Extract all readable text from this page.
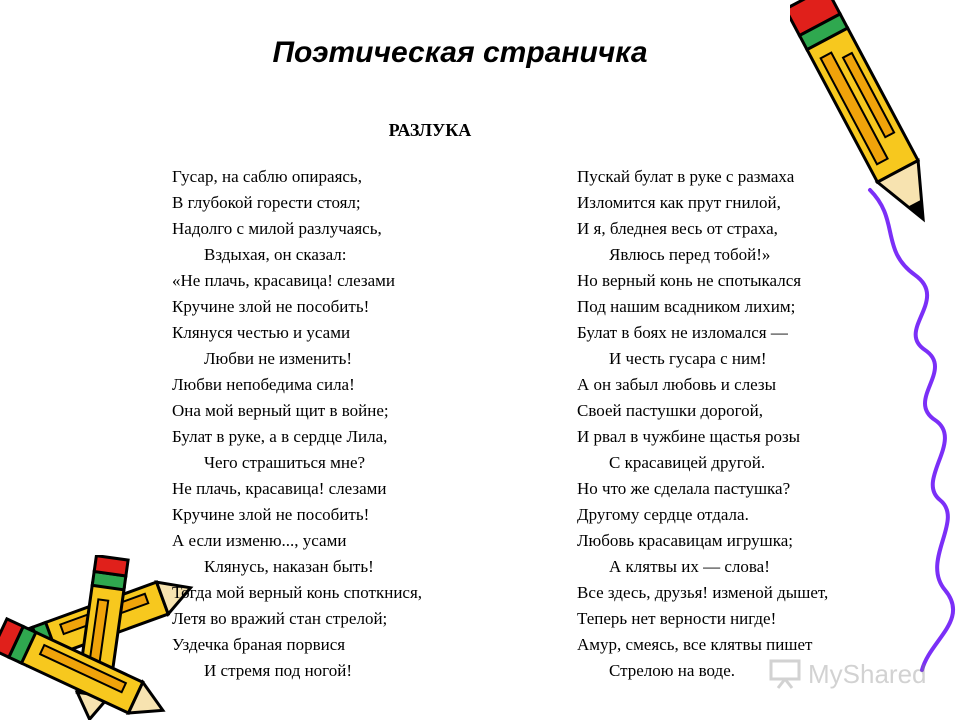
Поэтическая страничка
РАЗЛУКА
Гусар, на саблю опираясь,
В глубокой горести стоял;
Надолго с милой разлучаясь,
Вздыхая, он сказал:
«Не плачь, красавица! слезами
Кручине злой не пособить!
Клянуся честью и усами
Любви не изменить!
Любви непобедима сила!
Она мой верный щит в войне;
Булат в руке, а в сердце Лила,
Чего страшиться мне?
Не плачь, красавица! слезами
Кручине злой не пособить!
А если изменю..., усами
Клянусь, наказан быть!
Тогда мой верный конь споткнися,
Летя во вражий стан стрелой;
Уздечка браная порвися
И стремя под ногой!
Пускай булат в руке с размаха
Изломится как прут гнилой,
И я, бледнея весь от страха,
Явлюсь перед тобой!»
Но верный конь не спотыкался
Под нашим всадником лихим;
Булат в боях не изломался —
И честь гусара с ним!
А он забыл любовь и слезы
Своей пастушки дорогой,
И рвал в чужбине щастья розы
С красавицей другой.
Но что же сделала пастушка?
Другому сердце отдала.
Любовь красавицам игрушка;
А клятвы их — слова!
Все здесь, друзья! изменой дышет,
Теперь нет верности нигде!
Амур, смеясь, все клятвы пишет
Стрелою на воде.	MyShared
